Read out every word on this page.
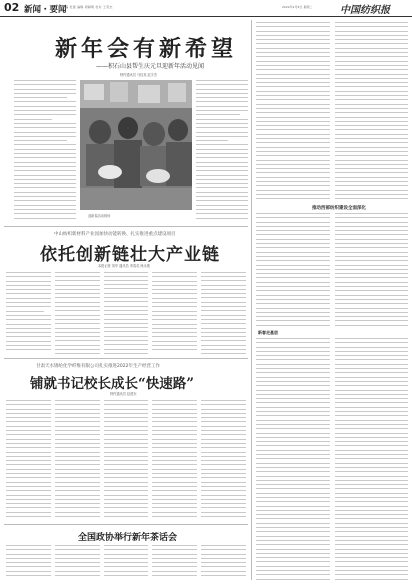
02 新闻・要闻
主编 杜蕾 编辑 胡赫明 校对 王英杰	2022年2月8日 星期二	中国纺织报
新年会有新希望
——积石山县帮生庆元旦迎新年活动见闻
特约通讯员 马桂英 赵宇杰
迎新春活动现场
中山纺织新材料产业园加快动能转换、扎实推进重点建设项目
依托创新链壮大产业链
本报记者 刘华 通讯员 李春英 徐永康
甘肃天水锦纶化学纤维有限公司扎实推进2022年生产经营工作
铺就书记校长成长“快速路”
特约通讯员 赵建东
全国政协举行新年茶话会
推动西部纺织建设全面深化
新春走基层
